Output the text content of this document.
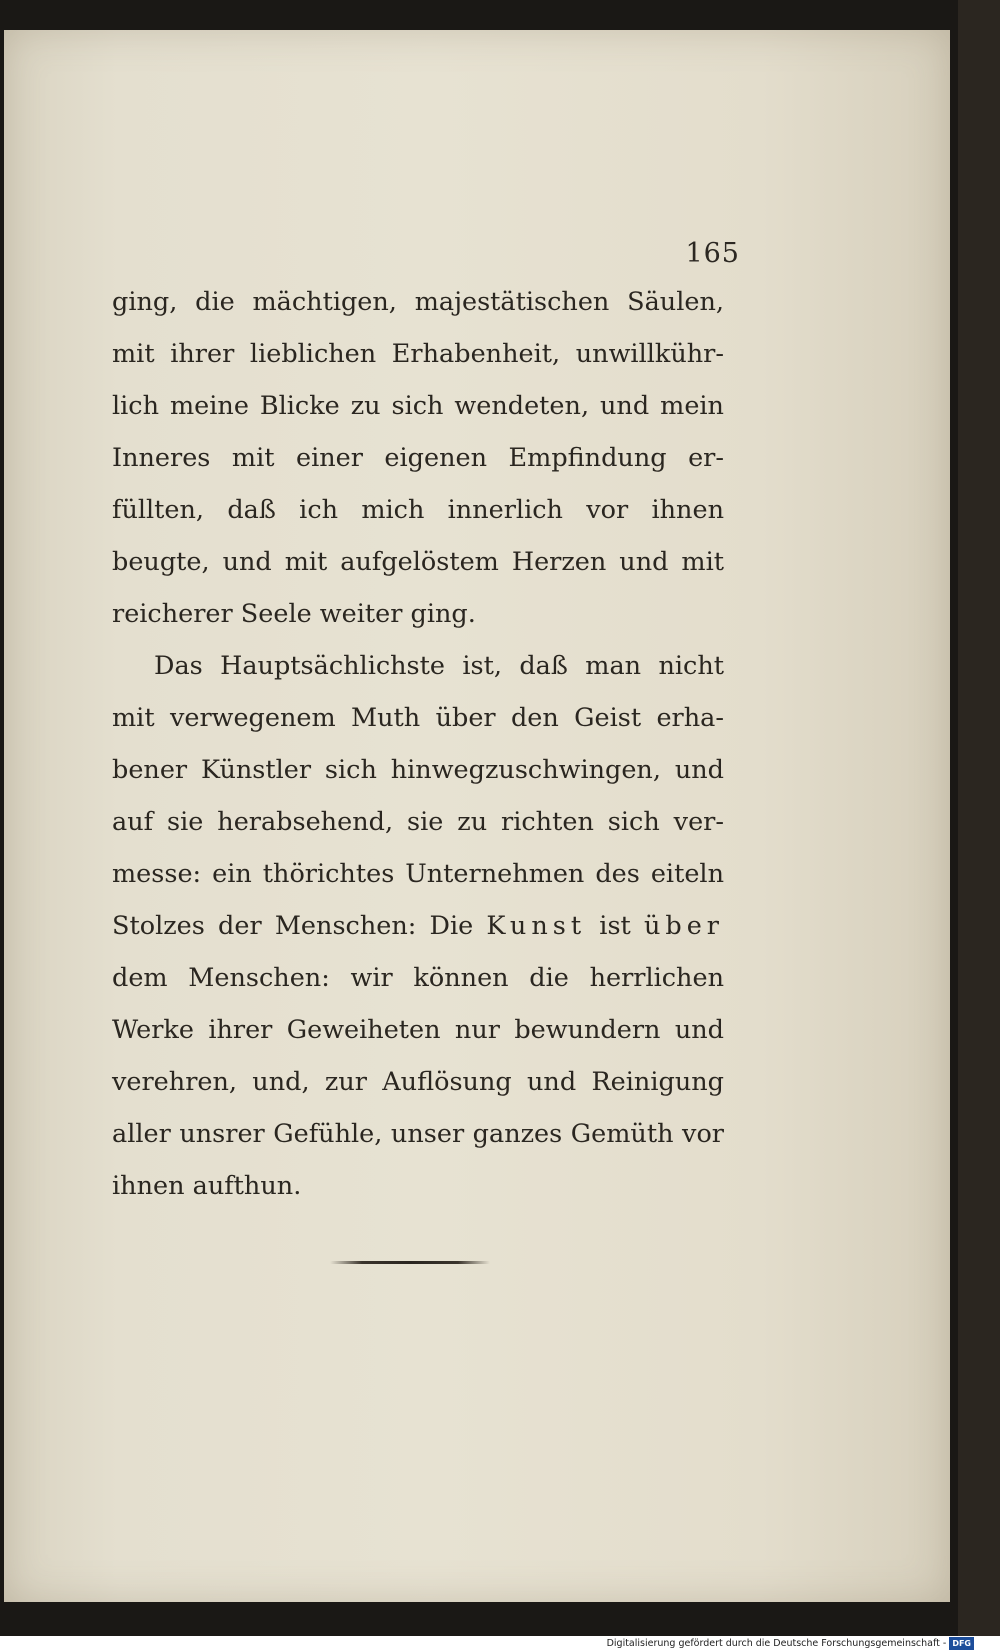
165

ging, die mächtigen, majestätischen Säulen, mit ihrer lieblichen Erhabenheit, unwillkührlich meine Blicke zu sich wendeten, und mein Inneres mit einer eigenen Empfindung erfüllten, daß ich mich innerlich vor ihnen beugte, und mit aufgelöstem Herzen und mit reicherer Seele weiter ging.

Das Hauptsächlichste ist, daß man nicht mit verwegenem Muth über den Geist erhabener Künstler sich hinwegzuschwingen, und auf sie herabsehend, sie zu richten sich vermesse: ein thörichtes Unternehmen des eiteln Stolzes der Menschen: Die Kunst ist über dem Menschen: wir können die herrlichen Werke ihrer Geweiheten nur bewundern und verehren, und, zur Auflösung und Reinigung aller unsrer Gefühle, unser ganzes Gemüth vor ihnen aufthun.

Digitalisierung gefördert durch die Deutsche Forschungsgemeinschaft - DFG
